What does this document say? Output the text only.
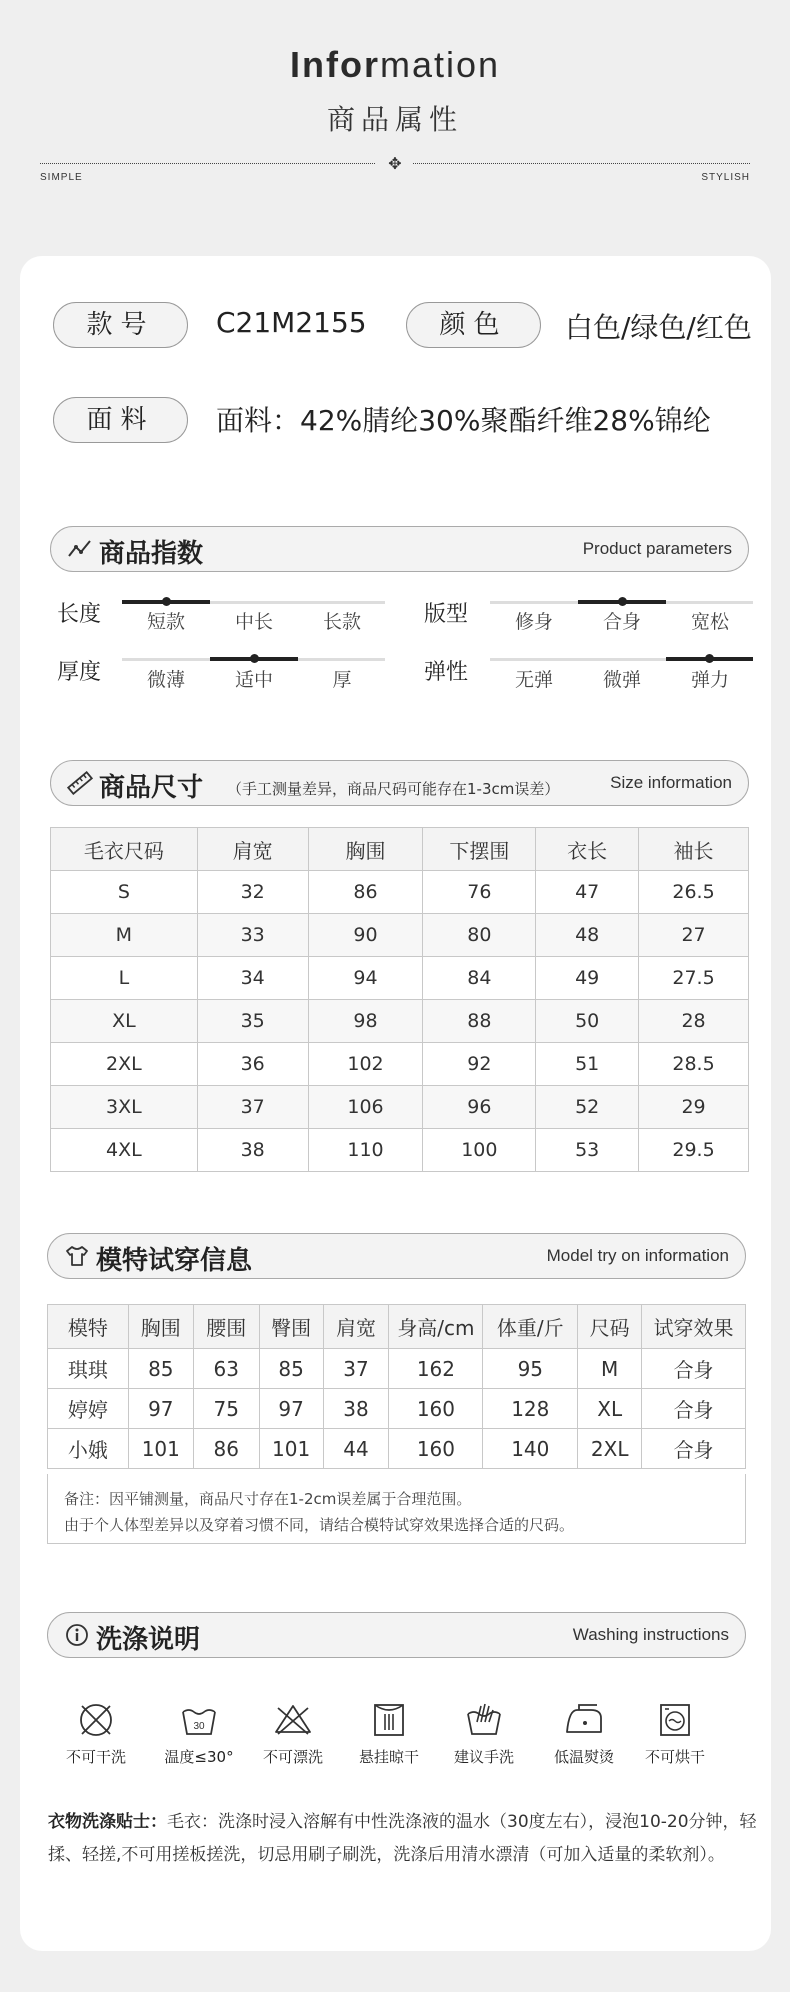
Information
商品属性
✥
SIMPLE	STYLISH
款号	C21M2155	颜色	白色/绿色/红色
面料	面料：42%腈纶30%聚酯纤维28%锦纶
商品指数	Product parameters
长度	短款	中长	长款	版型	修身	合身	宽松
厚度	微薄	适中	厚	弹性	无弹	微弹	弹力
商品尺寸 （手工测量差异，商品尺码可能存在1-3cm误差）	Size information
毛衣尺码	肩宽	胸围	下摆围	衣长	袖长
S	32	86	76	47	26.5
M	33	90	80	48	27
L	34	94	84	49	27.5
XL	35	98	88	50	28
2XL	36	102	92	51	28.5
3XL	37	106	96	52	29
4XL	38	110	100	53	29.5
模特试穿信息	Model try on information
模特	胸围	腰围	臀围	肩宽	身高/cm	体重/斤	尺码	试穿效果
琪琪	85	63	85	37	162	95	M	合身
婷婷	97	75	97	38	160	128	XL	合身
小娥	101	86	101	44	160	140	2XL	合身
备注：因平铺测量，商品尺寸存在1-2cm误差属于合理范围。
由于个人体型差异以及穿着习惯不同，请结合模特试穿效果选择合适的尺码。
洗涤说明	Washing instructions
不可干洗
30
温度≤30°	不可漂洗	悬挂晾干	建议手洗	低温熨烫	不可烘干
衣物洗涤贴士：毛衣：洗涤时浸入溶解有中性洗涤液的温水（30度左右），浸泡10-20分钟，轻揉、轻搓,不可用搓板搓洗，切忌用刷子刷洗，洗涤后用清水漂清（可加入适量的柔软剂）。
